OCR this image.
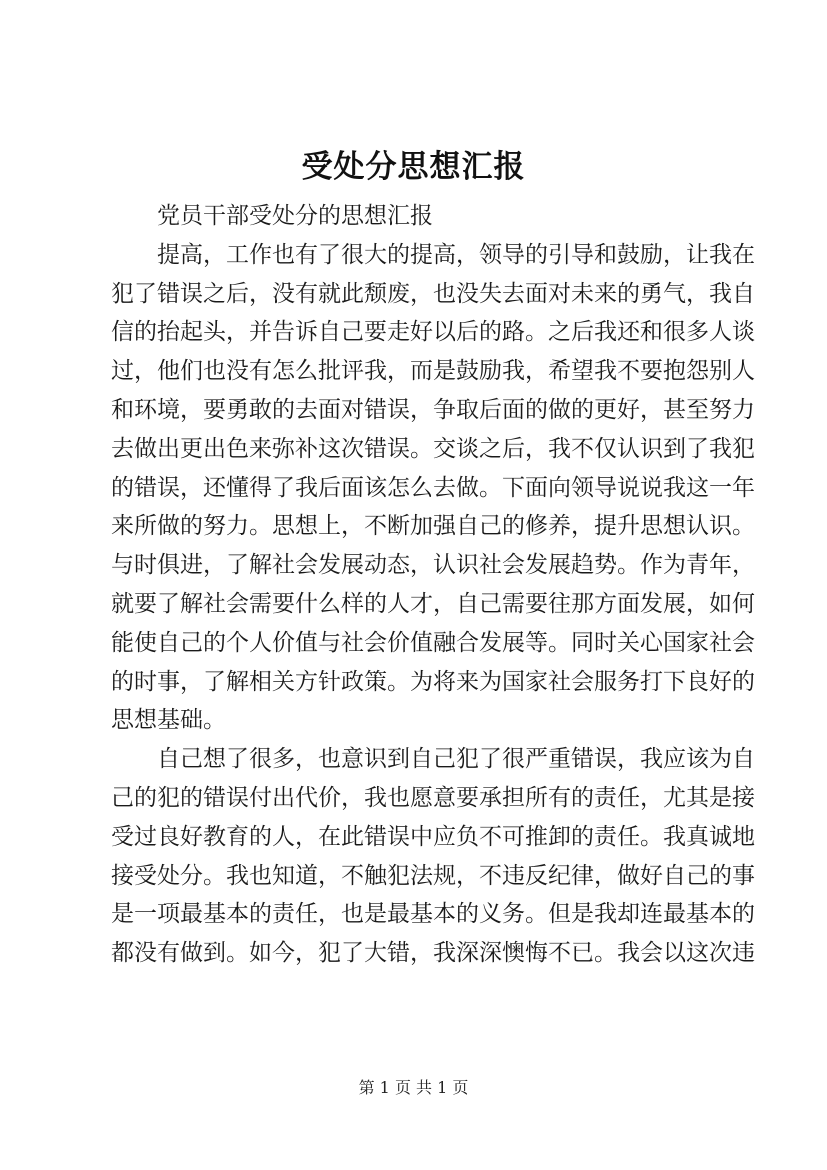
受处分思想汇报
党员干部受处分的思想汇报
提高，工作也有了很大的提高，领导的引导和鼓励，让我在
犯了错误之后，没有就此颓废，也没失去面对未来的勇气，我自
信的抬起头，并告诉自己要走好以后的路。之后我还和很多人谈
过，他们也没有怎么批评我，而是鼓励我，希望我不要抱怨别人
和环境，要勇敢的去面对错误，争取后面的做的更好，甚至努力
去做出更出色来弥补这次错误。交谈之后，我不仅认识到了我犯
的错误，还懂得了我后面该怎么去做。下面向领导说说我这一年
来所做的努力。思想上，不断加强自己的修养，提升思想认识。
与时俱进，了解社会发展动态，认识社会发展趋势。作为青年，
就要了解社会需要什么样的人才，自己需要往那方面发展，如何
能使自己的个人价值与社会价值融合发展等。同时关心国家社会
的时事，了解相关方针政策。为将来为国家社会服务打下良好的
思想基础。
自己想了很多，也意识到自己犯了很严重错误，我应该为自
己的犯的错误付出代价，我也愿意要承担所有的责任，尤其是接
受过良好教育的人，在此错误中应负不可推卸的责任。我真诚地
接受处分。我也知道，不触犯法规，不违反纪律，做好自己的事
是一项最基本的责任，也是最基本的义务。但是我却连最基本的
都没有做到。如今，犯了大错，我深深懊悔不已。我会以这次违
第 1 页 共 1 页
